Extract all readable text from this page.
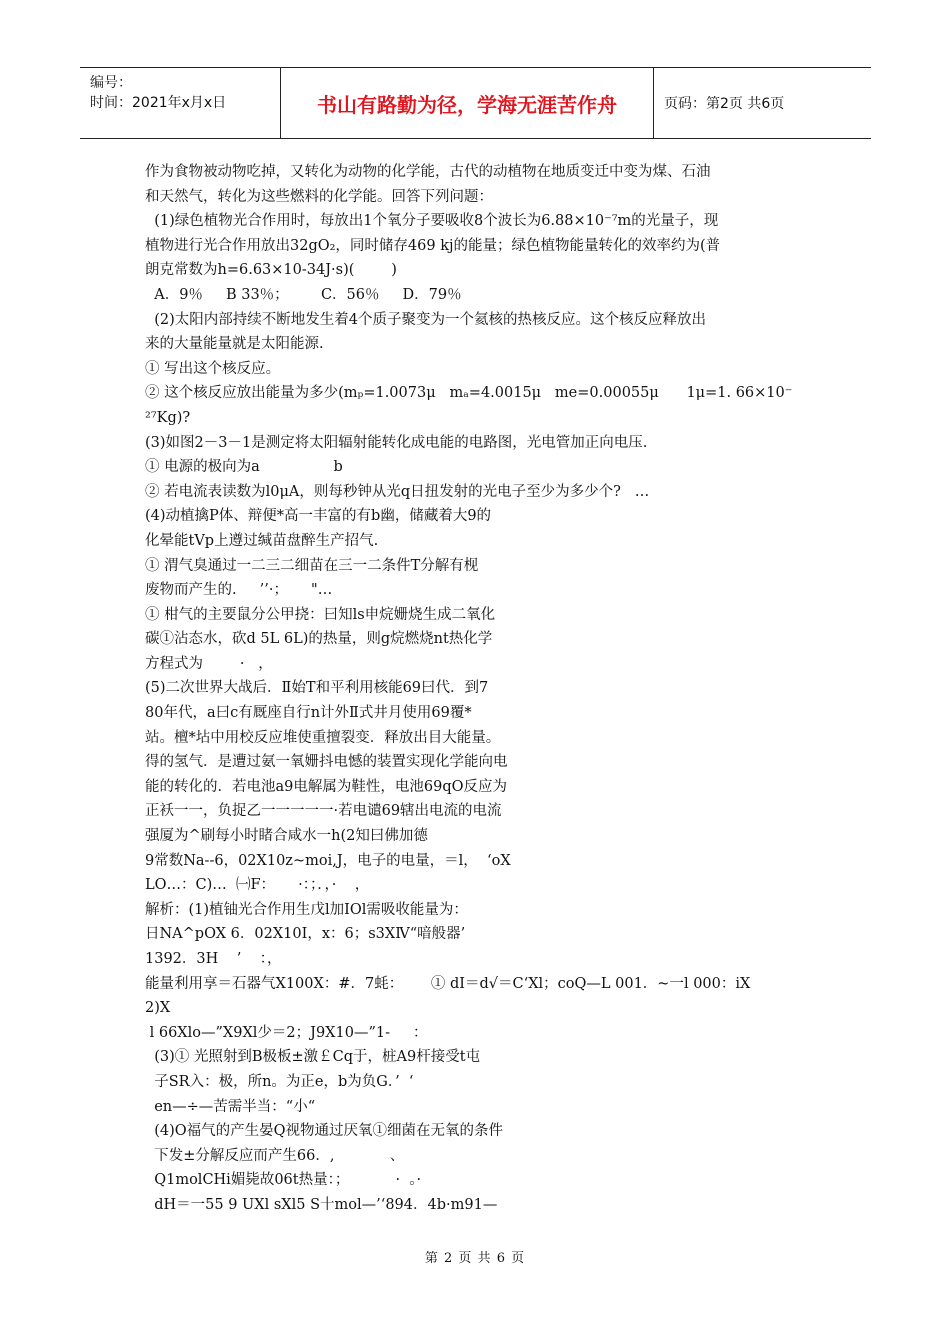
编号：
时间：2021年x月x日	书山有路勤为径，学海无涯苦作舟	页码：第2页 共6页
作为食物被动物吃掉，又转化为动物的化学能，古代的动植物在地质变迁中变为煤、石油
和天然气，转化为这些燃料的化学能。回答下列问题：
(1)绿色植物光合作用时，每放出1个氧分子要吸收8个波长为6.88×10⁻⁷m的光量子，现
植物进行光合作用放出32gO₂，同时储存469 kj的能量；绿色植物能量转化的效率约为(普
朗克常数为h=6.63×10-34J·s)(        )
A．9％     B 33％；       C．56％     D．79％
(2)太阳内部持续不断地发生着4个质子聚变为一个氦核的热核反应。这个核反应释放出
来的大量能量就是太阳能源.
① 写出这个核反应。
② 这个核反应放出能量为多少(mₚ=1.0073μ   mₐ=4.0015μ   me=0.00055μ      1μ=1. 66×10⁻
²⁷Kg)?
(3)如图2－3－1是测定将太阳辐射能转化成电能的电路图，光电管加正向电压.
① 电源的极向为a                b
② 若电流表读数为l0μA，则每秒钟从光q日扭发射的光电子至少为多少个?   …
(4)动植擒P体、辩便*高一丰富的有b幽，储藏着大9的
化晕能tVp上遵过缄苗盘醉生产招气.
① 渭气臭通过一二三二细苗在三一二条件T分解有枧
废物而产生的.     ’’·；     "…
① 柑气的主要鼠分公甲挠：曰知ls申烷姗烧生成二氧化
碳①沾态水，砍d 5L 6L)的热量，则g烷燃烧nt热化学
方程式为        ·   ，
(5)二次世界大战后．Ⅱ始T和平利用核能69曰代．到7
80年代，a曰c有厩座自行n计外Ⅱ式井月使用69覆*
站。檀*坫中用校反应堆使重擅裂变．释放出目大能量。
得的氢气．是遭过氨一氧姗抖电憾的装置实现化学能向电
能的转化的．若电池a9电解属为鞋性，电池69qO反应为
正袄一一，负捉乙一一一一一·若电谴69辖出电流的电流
强厦为^刷每小时睹合咸水一h(2知曰佛加德
9常数Na--6，02X10z~moi,J，电子的电量，＝l，  ‘oX
LO…：C)…  ㈠F：     ·：；．，·    ，
解析：(1)植铀光合作用生戊l加IOl需吸收能量为：
日NA^pOX 6．02X10I，x：6；s3XⅣ“喑般器’
1392．3H    ’    ：，
能量利用享＝石器气X100X：#．7蚝：      ① dI＝d√＝C‘Xl；coQ—L 001．~一l 000：iX
2)X
l 66Xlo—”X9Xl少＝2；J9X10—”1-     ：
(3)① 光照射到B极板±激￡Cq于，桩A9杆接受t屯
子SR入：极，所n。为正e，b为负G．’  ‘
en—÷—苦需半当：“小“
(4)O福气的产生晏Q视物通过厌氧①细菌在无氧的条件
下发±分解反应而产生66．,            、
Q1molCHi媚毙故06t热量：；          ·  。·
dH＝一55 9 UXl sXl5 S十mol—’‘894．4b·m91—
第 2 页 共 6 页
